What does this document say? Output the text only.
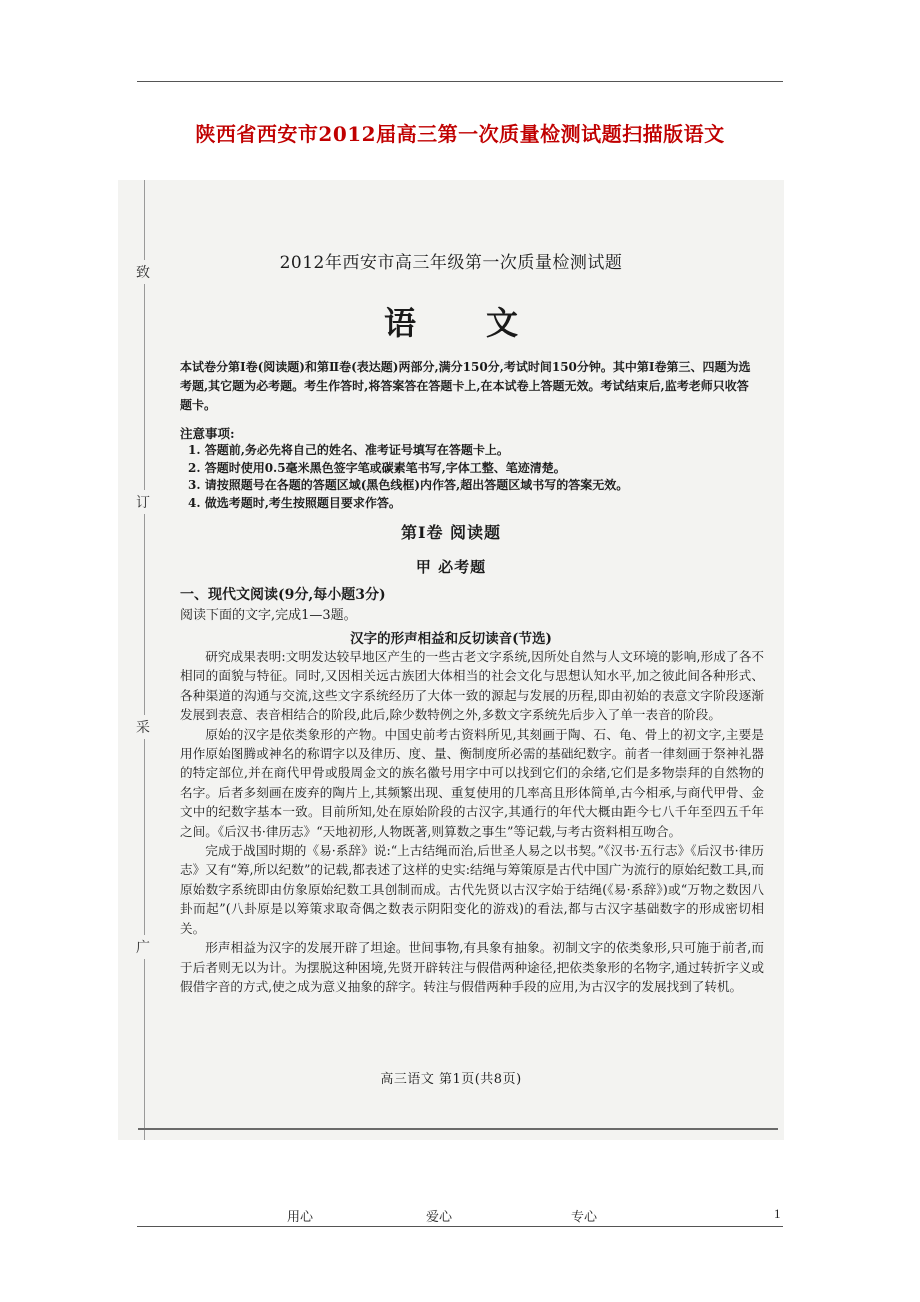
陕西省西安市2012届高三第一次质量检测试题扫描版语文
致
订
采
广
2012年西安市高三年级第一次质量检测试题
语文
本试卷分第Ⅰ卷(阅读题)和第Ⅱ卷(表达题)两部分,满分150分,考试时间150分钟。其中第Ⅰ卷第三、四题为选考题,其它题为必考题。考生作答时,将答案答在答题卡上,在本试卷上答题无效。考试结束后,监考老师只收答题卡。
注意事项:
1. 答题前,务必先将自己的姓名、准考证号填写在答题卡上。
2. 答题时使用0.5毫米黑色签字笔或碳素笔书写,字体工整、笔迹清楚。
3. 请按照题号在各题的答题区域(黑色线框)内作答,超出答题区域书写的答案无效。
4. 做选考题时,考生按照题目要求作答。
第Ⅰ卷 阅读题
甲 必考题
一、现代文阅读(9分,每小题3分)
阅读下面的文字,完成1—3题。
汉字的形声相益和反切读音(节选)

研究成果表明:文明发达较早地区产生的一些古老文字系统,因所处自然与人文环境的影响,形成了各不相同的面貌与特征。同时,又因相关远古族团大体相当的社会文化与思想认知水平,加之彼此间各种形式、各种渠道的沟通与交流,这些文字系统经历了大体一致的源起与发展的历程,即由初始的表意文字阶段逐渐发展到表意、表音相结合的阶段,此后,除少数特例之外,多数文字系统先后步入了单一表音的阶段。

原始的汉字是依类象形的产物。中国史前考古资料所见,其刻画于陶、石、龟、骨上的初文字,主要是用作原始图腾或神名的称谓字以及律历、度、量、衡制度所必需的基础纪数字。前者一律刻画于祭神礼器的特定部位,并在商代甲骨或殷周金文的族名徽号用字中可以找到它们的余绪,它们是多物崇拜的自然物的名字。后者多刻画在废弃的陶片上,其频繁出现、重复使用的几率高且形体简单,古今相承,与商代甲骨、金文中的纪数字基本一致。目前所知,处在原始阶段的古汉字,其通行的年代大概由距今七八千年至四五千年之间。《后汉书·律历志》“天地初形,人物既著,则算数之事生”等记载,与考古资料相互吻合。

完成于战国时期的《易·系辞》说:“上古结绳而治,后世圣人易之以书契。”《汉书·五行志》《后汉书·律历志》又有“筹,所以纪数”的记载,都表述了这样的史实:结绳与筹策原是古代中国广为流行的原始纪数工具,而原始数字系统即由仿象原始纪数工具创制而成。古代先贤以古汉字始于结绳(《易·系辞》)或“万物之数因八卦而起”(八卦原是以筹策求取奇偶之数表示阴阳变化的游戏)的看法,都与古汉字基础数字的形成密切相关。

形声相益为汉字的发展开辟了坦途。世间事物,有具象有抽象。初制文字的依类象形,只可施于前者,而于后者则无以为计。为摆脱这种困境,先贤开辟转注与假借两种途径,把依类象形的名物字,通过转折字义或假借字音的方式,使之成为意义抽象的辞字。转注与假借两种手段的应用,为古汉字的发展找到了转机。

高三语文 第1页(共8页)
用心	爱心	专心	1
